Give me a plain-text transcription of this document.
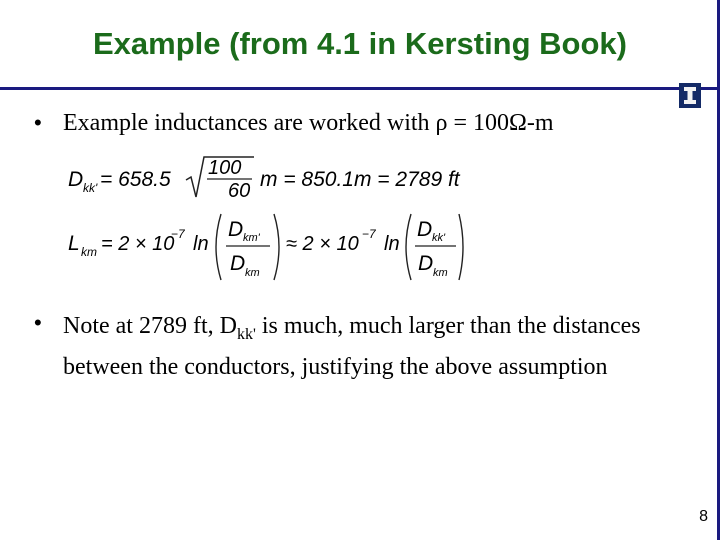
Example (from 4.1 in Kersting Book)
• Example inductances are worked with ρ = 100Ω-m
D kk' = 658.5 100
60 m = 850.1m = 2789 ft
L km = 2 × 10
−7 ln
D km'
D km
≈ 2 × 10 −7 ln
D kk'
D km
• Note at 2789 ft, $D_{kk'}$ is much, much larger than the distances between the conductors, justifying the above assumption
8
